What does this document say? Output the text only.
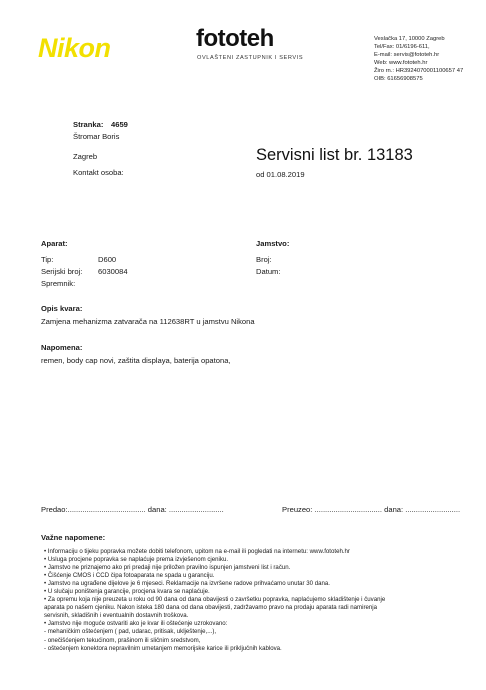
Nikon	fototeh
OVLAŠTENI ZASTUPNIK I SERVIS
Veslačka 17, 10000 Zagreb
Tel/Fax: 01/6196-611,
E-mail: servis@fototeh.hr
Web: www.fototeh.hr
Žiro rn.: HR3924070001100657 47
OIB: 61656908575
Stranka: 4659
Štromar Boris
Zagreb
Kontakt osoba:
Servisni list br. 13183
od 01.08.2019
Aparat:
Tip:	D600
Serijski broj: 6030084
Spremnik:
Jamstvo:
Broj:
Datum:
Opis kvara:
Zamjena mehanizma zatvarača na 112638RT u jamstvu Nikona
Napomena:
remen, body cap novi, zaštita displaya, baterija opatona,
Predao:..................................... dana: ..........................	Preuzeo: ................................ dana: ..........................
Važne napomene:
• Informaciju o tijeku popravka možete dobiti telefonom, upitom na e-mail ili pogledati na internetu: www.fototeh.hr
• Usluga procjene popravka se naplaćuje prema izvješenom cjeniku.
• Jamstvo ne priznajemo ako pri predaji nije priložen pravilno ispunjen jamstveni list i račun.
• Čišćenje CMOS i CCD čipa fotoaparata ne spada u garanciju.
• Jamstvo na ugrađene dijelove je 6 mjeseci. Reklamacije na izvršene radove prihvaćamo unutar 30 dana.
• U slučaju poništenja garancije, procjena kvara se naplaćuje.
• Za opremu koja nije preuzeta u roku od 90 dana od dana obavijesti o završetku popravka, naplaćujemo skladištenje i čuvanje
aparata po našem cjeniku. Nakon isteka 180 dana od dana obavijesti, zadržavamo pravo na prodaju aparata radi namirenja
servisnih, skladišnih i eventualnih dostavnih troškova.
• Jamstvo nije moguće ostvariti ako je kvar ili oštećenje uzrokovano:
- mehaničkim oštećenjem ( pad, udarac, pritisak, uklještenje,...),
- onečišćenjem tekućinom, prašinom ili sličnim sredstvom,
- oštećenjem konektora nepravilnim umetanjem memorijske karice ili priključnih kablova.
